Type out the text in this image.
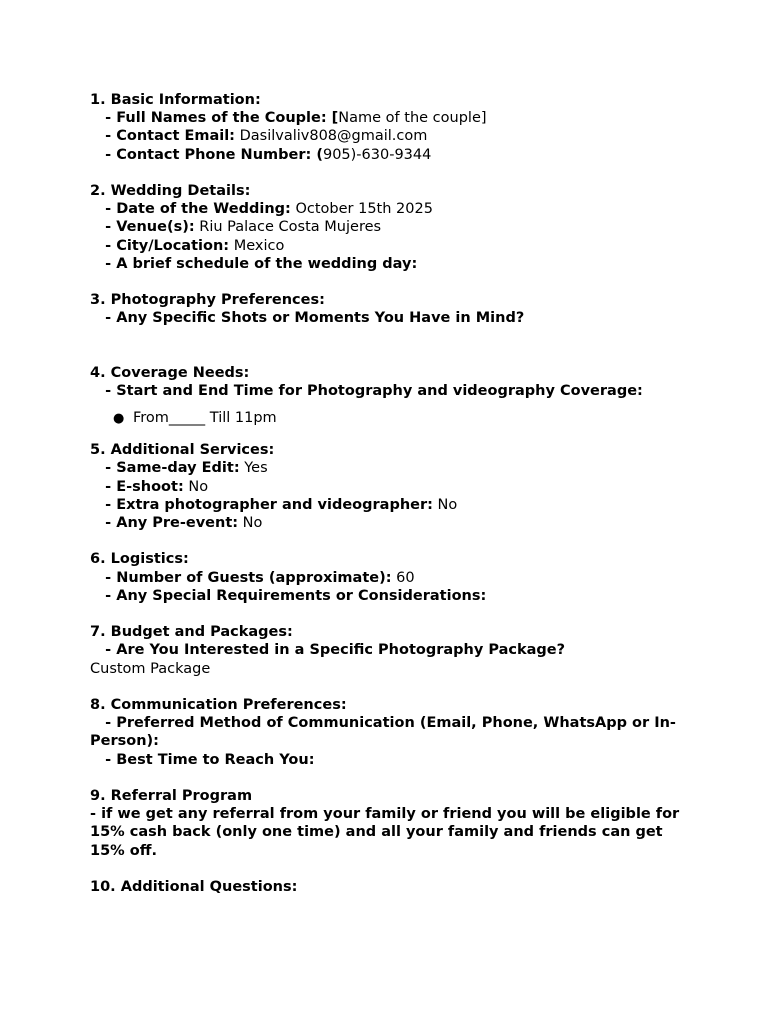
1. Basic Information:
- Full Names of the Couple: [Name of the couple]
- Contact Email: Dasilvaliv808@gmail.com
- Contact Phone Number: (905)-630-9344
2. Wedding Details:
- Date of the Wedding: October 15th 2025
- Venue(s): Riu Palace Costa Mujeres
- City/Location: Mexico
- A brief schedule of the wedding day:
3. Photography Preferences:
- Any Specific Shots or Moments You Have in Mind?
4. Coverage Needs:
- Start and End Time for Photography and videography Coverage:
● From_____ Till 11pm
5. Additional Services:
- Same-day Edit: Yes
- E-shoot: No
- Extra photographer and videographer: No
- Any Pre-event: No
6. Logistics:
- Number of Guests (approximate): 60
- Any Special Requirements or Considerations:
7. Budget and Packages:
- Are You Interested in a Specific Photography Package?
Custom Package
8. Communication Preferences:
- Preferred Method of Communication (Email, Phone, WhatsApp or In-Person):
- Best Time to Reach You:
9. Referral Program
- if we get any referral from your family or friend you will be eligible for 15% cash back (only one time) and all your family and friends can get 15% off.
10. Additional Questions:
